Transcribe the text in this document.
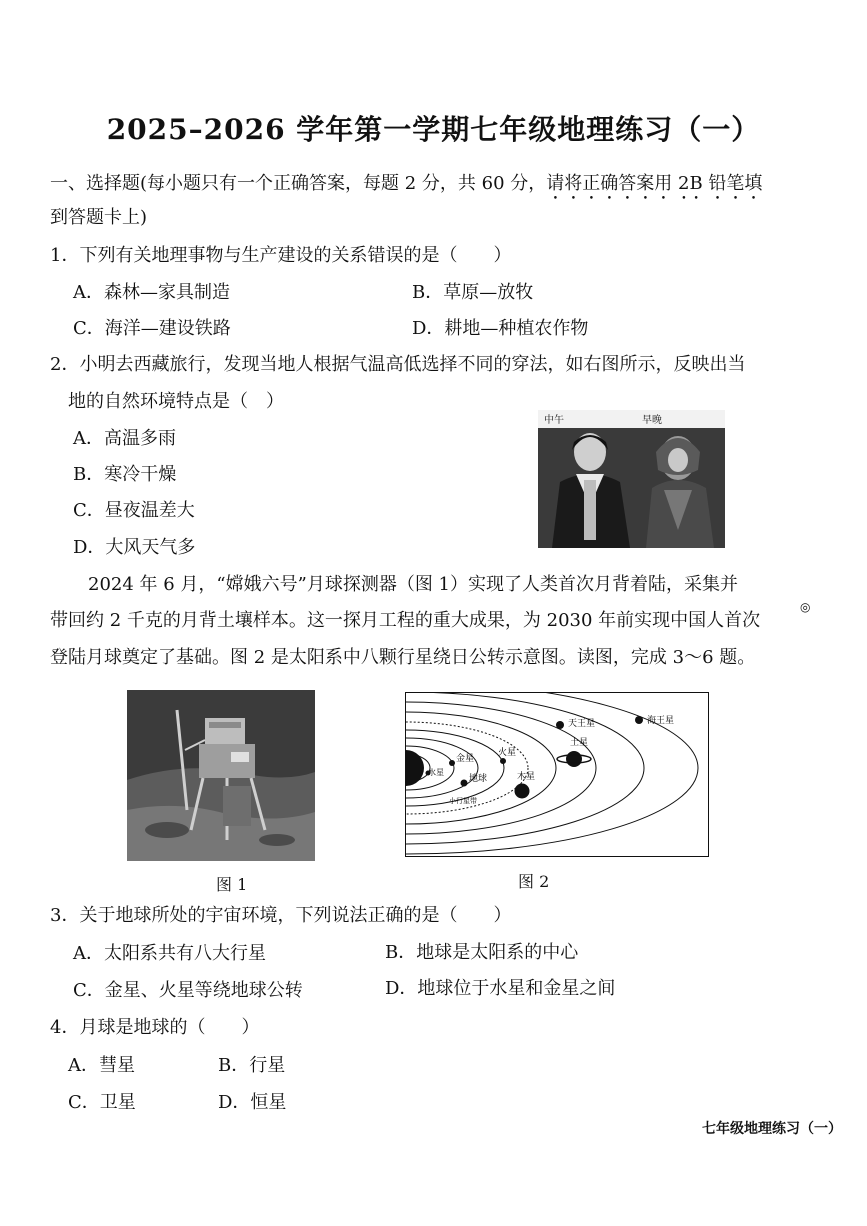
2025–2026 学年第一学期七年级地理练习（一）
一、选择题(每小题只有一个正确答案，每题 2 分，共 60 分，请将正确答案用 2B 铅笔填
到答题卡上)
1．下列有关地理事物与生产建设的关系错误的是（　　）
A．森林—家具制造	B．草原—放牧
C．海洋—建设铁路	D．耕地—种植农作物
2．小明去西藏旅行，发现当地人根据气温高低选择不同的穿法，如右图所示，反映出当
地的自然环境特点是（　）
A．高温多雨
B．寒冷干燥
C．昼夜温差大
D．大风天气多
中午	早晚
2024 年 6 月，“嫦娥六号”月球探测器（图 1）实现了人类首次月背着陆，采集并
带回约 2 千克的月背土壤样本。这一探月工程的重大成果，为 2030 年前实现中国人首次
登陆月球奠定了基础。图 2 是太阳系中八颗行星绕日公转示意图。读图，完成 3～6 题。
◎
图 1
水星
金星
地球
火星
小行星带
木星
土星
天王星	海王星
图 2
3．关于地球所处的宇宙环境，下列说法正确的是（　　）
A．太阳系共有八大行星	B．地球是太阳系的中心
C．金星、火星等绕地球公转	D．地球位于水星和金星之间
4．月球是地球的（　　）
A．彗星	B．行星
C．卫星	D．恒星
七年级地理练习（一）
